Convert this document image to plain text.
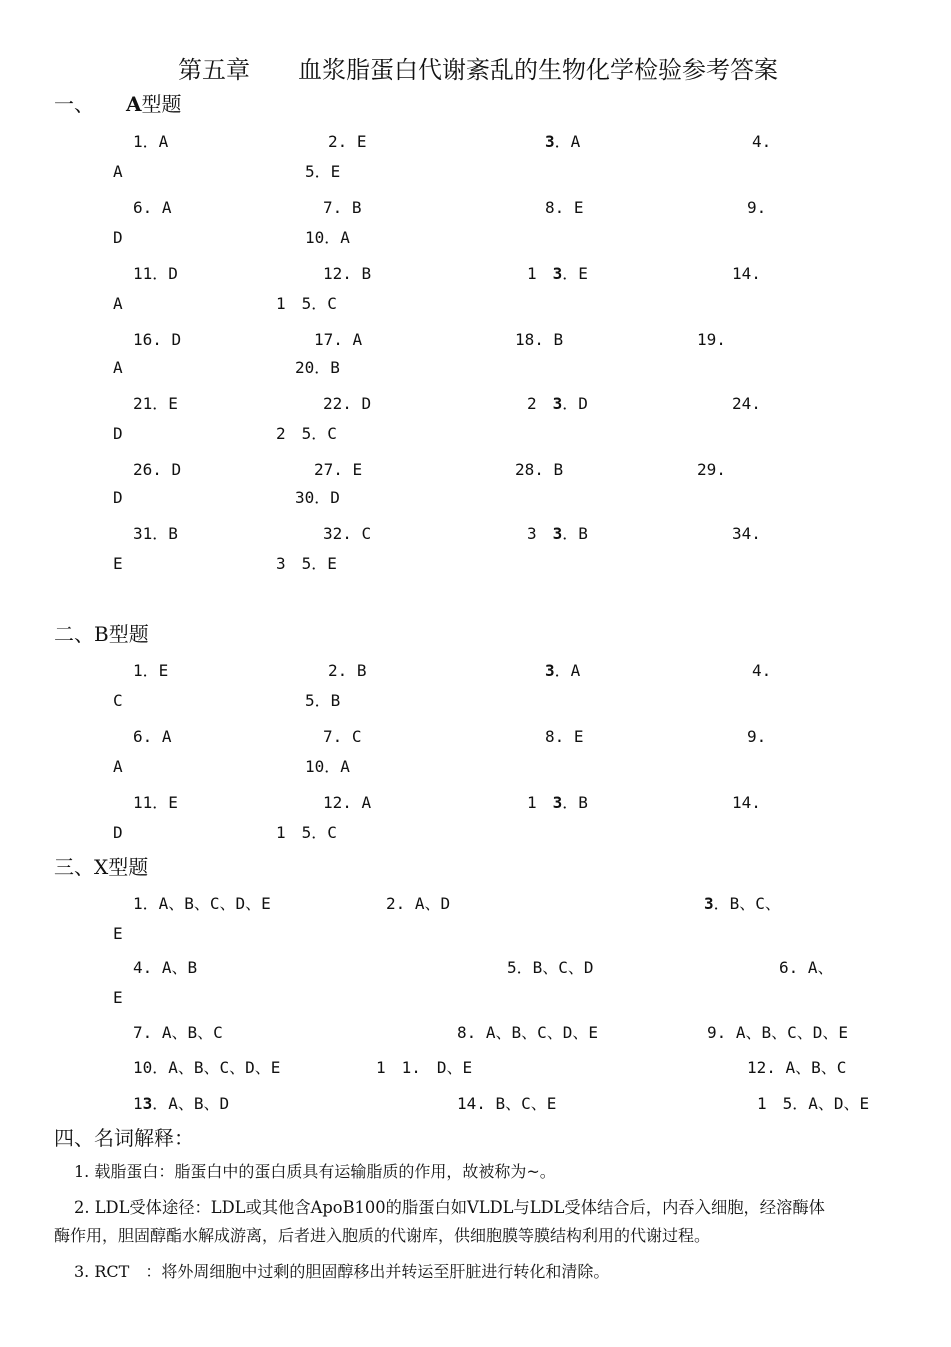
第五章　　血浆脂蛋白代谢紊乱的生物化学检验参考答案
一、 A型题
1．A	2. E	3．A	4.
A	5．E
6. A	7. B	8. E	9.
D	10．A
11．D	12. B	1　 3．E	14.
A	1　5．C
16. D	17. A	18. B	19.
A	20．B
21．E	22. D	2　 3．D	24.
D	2　5．C
26. D	27. E	28. B	29.
D	30．D
31．B	32. C	3　 3．B	34.
E	3　5．E
二、B型题
1．E	2. B	3．A	4.
C	5．B
6. A	7. C	8. E	9.
A	10．A
11．E	12. A	1　 3．B	14.
D	1　5．C
三、X型题
1．A、B、C、D、E	2. A、D	3．B、C、
E
4. A、B	5．B、C、D	6. A、
E
7. A、B、C	8. A、B、C、D、E	9. A、B、C、D、E
10．A、B、C、D、E	1　1.　D、E	12. A、B、C
13．A、B、D	14. B、C、E	1　5．A、D、E
四、名词解释：
1. 载脂蛋白：脂蛋白中的蛋白质具有运输脂质的作用，故被称为~。
2. LDL受体途径：LDL或其他含ApoB100的脂蛋白如VLDL与LDL受体结合后，内吞入细胞，经溶酶体
酶作用，胆固醇酯水解成游离，后者进入胞质的代谢库，供细胞膜等膜结构利用的代谢过程。
3. RCT　：将外周细胞中过剩的胆固醇移出并转运至肝脏进行转化和清除。
